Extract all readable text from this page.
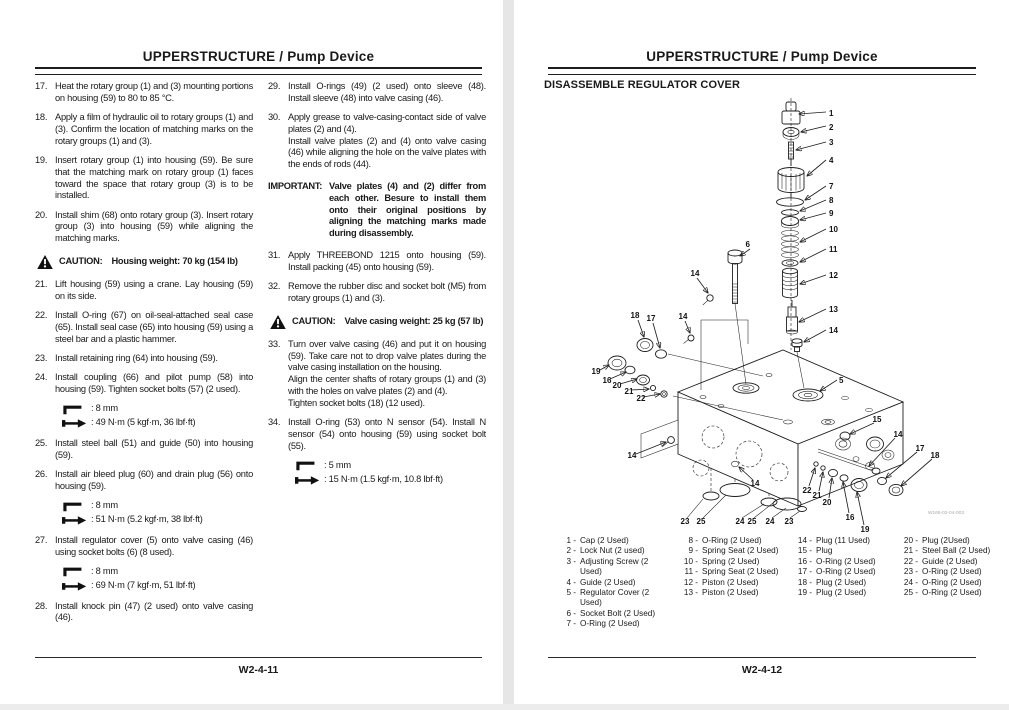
UPPERSTRUCTURE / Pump Device
17. Heat the rotary group (1) and (3) mounting portions on housing (59) to 80 to 85 °C.
18. Apply a film of hydraulic oil to rotary groups (1) and (3). Confirm the location of matching marks on the rotary groups (1) and (3).
19. Insert rotary group (1) into housing (59). Be sure that the matching mark on rotary group (1) faces toward the space that rotary group (3) is to be installed.
20. Install shim (68) onto rotary group (3). Insert rotary group (3) into housing (59) while aligning the matching marks.
CAUTION: Housing weight: 70 kg (154 lb)
21. Lift housing (59) using a crane. Lay housing (59) on its side.
22. Install O-ring (67) on oil-seal-attached seal case (65). Install seal case (65) into housing (59) using a steel bar and a plastic hammer.
23. Install retaining ring (64) into housing (59).
24. Install coupling (66) and pilot pump (58) into housing (59). Tighten socket bolts (57) (2 used).
: 8 mm
: 49 N·m (5 kgf·m, 36 lbf·ft)
25. Install steel ball (51) and guide (50) into housing (59).
26. Install air bleed plug (60) and drain plug (56) onto housing (59).
: 8 mm
: 51 N·m (5.2 kgf·m, 38 lbf·ft)
27. Install regulator cover (5) onto valve casing (46) using socket bolts (6) (8 used).
: 8 mm
: 69 N·m (7 kgf·m, 51 lbf·ft)
28. Install knock pin (47) (2 used) onto valve casing (46).
29. Install O-rings (49) (2 used) onto sleeve (48). Install sleeve (48) into valve casing (46).
30. Apply grease to valve-casing-contact side of valve plates (2) and (4).
Install valve plates (2) and (4) onto valve casing (46) while aligning the hole on the valve plates with the ends of rods (44).
IMPORTANT: Valve plates (4) and (2) differ from each other. Besure to install them onto their original positions by aligning the matching marks made during disassembly.
31. Apply THREEBOND 1215 onto housing (59). Install packing (45) onto housing (59).
32. Remove the rubber disc and socket bolt (M5) from rotary groups (1) and (3).
CAUTION: Valve casing weight: 25 kg (57 lb)
33. Turn over valve casing (46) and put it on housing (59). Take care not to drop valve plates during the valve casing installation on the housing.
Align the center shafts of rotary groups (1) and (3) with the holes on valve plates (2) and (4).
Tighten socket bolts (18) (12 used).
34. Install O-ring (53) onto N sensor (54). Install N sensor (54) onto housing (59) using socket bolt (55).
: 5 mm
: 15 N·m (1.5 kgf·m, 10.8 lbf·ft)
W2-4-11
UPPERSTRUCTURE / Pump Device
DISASSEMBLE REGULATOR COVER
1
2
3
4
7
8
9
10
11
12
13
14
6
14
18 17	14
19
16
20
21
22
14
5
15
14
17
18
22
21
20
16
19
23 25	24 25 24 23
14
W165-02-04-003
1 - Cap (2 Used)
2 - Lock Nut (2 used)
3 - Adjusting Screw (2 Used)
4 - Guide (2 Used)
5 - Regulator Cover (2 Used)
6 - Socket Bolt (2 Used)
7 - O-Ring (2 Used)
8 - O-Ring (2 Used)
9 - Spring Seat (2 Used)
10 - Spring (2 Used)
11 - Spring Seat (2 Used)
12 - Piston (2 Used)
13 - Piston (2 Used)
14 - Plug (11 Used)
15 - Plug
16 - O-Ring (2 Used)
17 - O-Ring (2 Used)
18 - Plug (2 Used)
19 - Plug (2 Used)
20 - Plug (2Used)
21 - Steel Ball (2 Used)
22 - Guide (2 Used)
23 - O-Ring (2 Used)
24 - O-Ring (2 Used)
25 - O-Ring (2 Used)
W2-4-12
